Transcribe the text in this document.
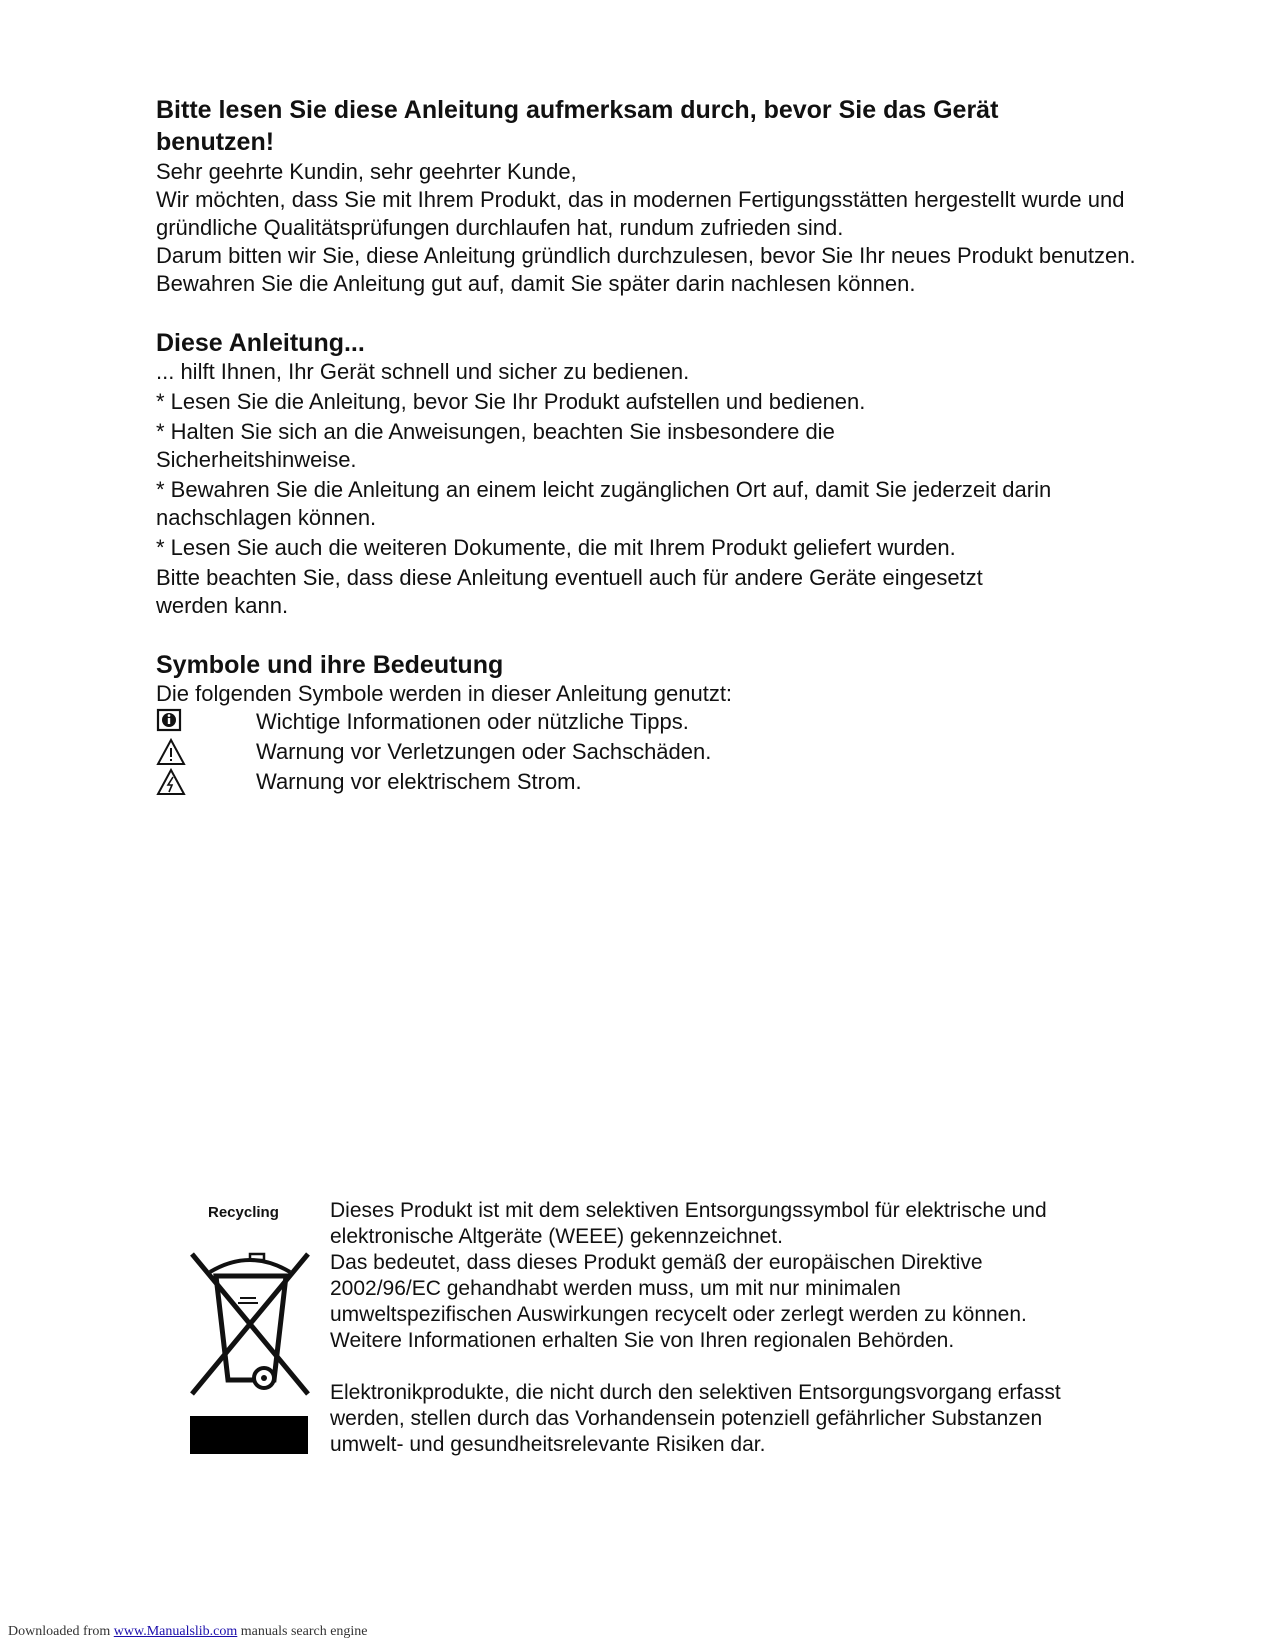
Bitte lesen Sie diese Anleitung aufmerksam durch, bevor Sie das Gerät benutzen!

Sehr geehrte Kundin, sehr geehrter Kunde,

Wir möchten, dass Sie mit Ihrem Produkt, das in modernen Fertigungsstätten hergestellt wurde und gründliche Qualitätsprüfungen durchlaufen hat, rundum zufrieden sind.

Darum bitten wir Sie, diese Anleitung gründlich durchzulesen, bevor Sie Ihr neues Produkt benutzen. Bewahren Sie die Anleitung gut auf, damit Sie später darin nachlesen können.

Diese Anleitung...

... hilft Ihnen, Ihr Gerät schnell und sicher zu bedienen.

* Lesen Sie die Anleitung, bevor Sie Ihr Produkt aufstellen und bedienen.

* Halten Sie sich an die Anweisungen, beachten Sie insbesondere die Sicherheitshinweise.

* Bewahren Sie die Anleitung an einem leicht zugänglichen Ort auf, damit Sie jederzeit darin nachschlagen können.

* Lesen Sie auch die weiteren Dokumente, die mit Ihrem Produkt geliefert wurden.

Bitte beachten Sie, dass diese Anleitung eventuell auch für andere Geräte eingesetzt werden kann.

Symbole und ihre Bedeutung

Die folgenden Symbole werden in dieser Anleitung genutzt:

Wichtige Informationen oder nützliche Tipps.
Warnung vor Verletzungen oder Sachschäden.
Warnung vor elektrischem Strom.
Recycling Dieses Produkt ist mit dem selektiven Entsorgungssymbol für elektrische und elektronische Altgeräte (WEEE) gekennzeichnet.

Das bedeutet, dass dieses Produkt gemäß der europäischen Direktive 2002/96/EC gehandhabt werden muss, um mit nur minimalen umweltspezifischen Auswirkungen recycelt oder zerlegt werden zu können.

Weitere Informationen erhalten Sie von Ihren regionalen Behörden.

Elektronikprodukte, die nicht durch den selektiven Entsorgungsvorgang erfasst werden, stellen durch das Vorhandensein potenziell gefährlicher Substanzen umwelt- und gesundheitsrelevante Risiken dar.

Downloaded from www.Manualslib.com manuals search engine
